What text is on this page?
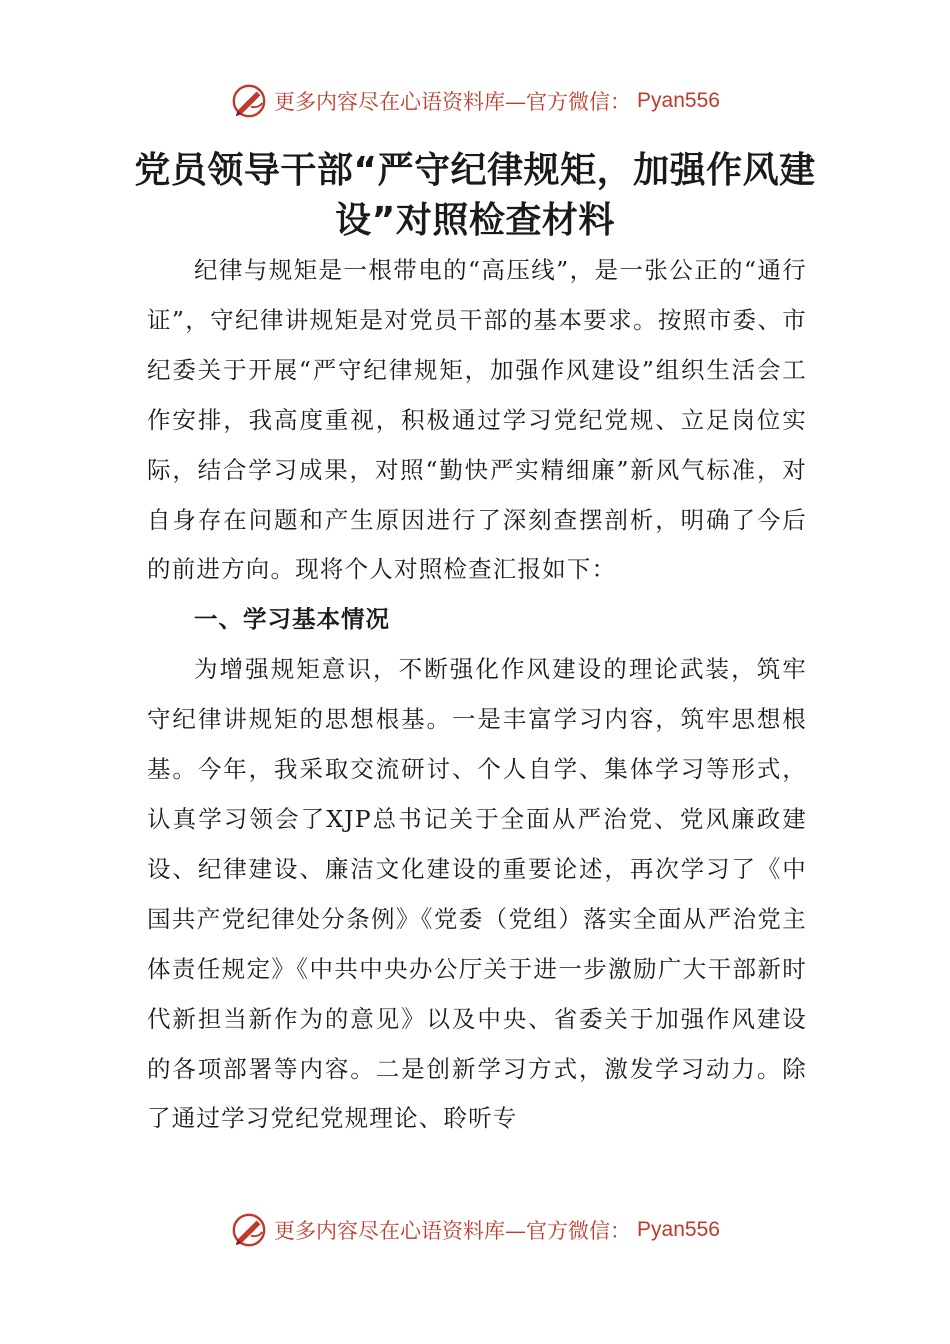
更多内容尽在心语资料库—官方微信： Pyan556
党员领导干部“严守纪律规矩，加强作风建设”对照检查材料

纪律与规矩是一根带电的“高压线”，是一张公正的“通行证”，守纪律讲规矩是对党员干部的基本要求。按照市委、市纪委关于开展“严守纪律规矩，加强作风建设”组织生活会工作安排，我高度重视，积极通过学习党纪党规、立足岗位实际，结合学习成果，对照“勤快严实精细廉”新风气标准，对自身存在问题和产生原因进行了深刻查摆剖析，明确了今后的前进方向。现将个人对照检查汇报如下：

一、学习基本情况

为增强规矩意识，不断强化作风建设的理论武装，筑牢守纪律讲规矩的思想根基。一是丰富学习内容，筑牢思想根基。今年，我采取交流研讨、个人自学、集体学习等形式，认真学习领会了XJP总书记关于全面从严治党、党风廉政建设、纪律建设、廉洁文化建设的重要论述，再次学习了《中国共产党纪律处分条例》《党委（党组）落实全面从严治党主体责任规定》《中共中央办公厅关于进一步激励广大干部新时代新担当新作为的意见》以及中央、省委关于加强作风建设的各项部署等内容。二是创新学习方式，激发学习动力。除了通过学习党纪党规理论、聆听专

更多内容尽在心语资料库—官方微信： Pyan556
